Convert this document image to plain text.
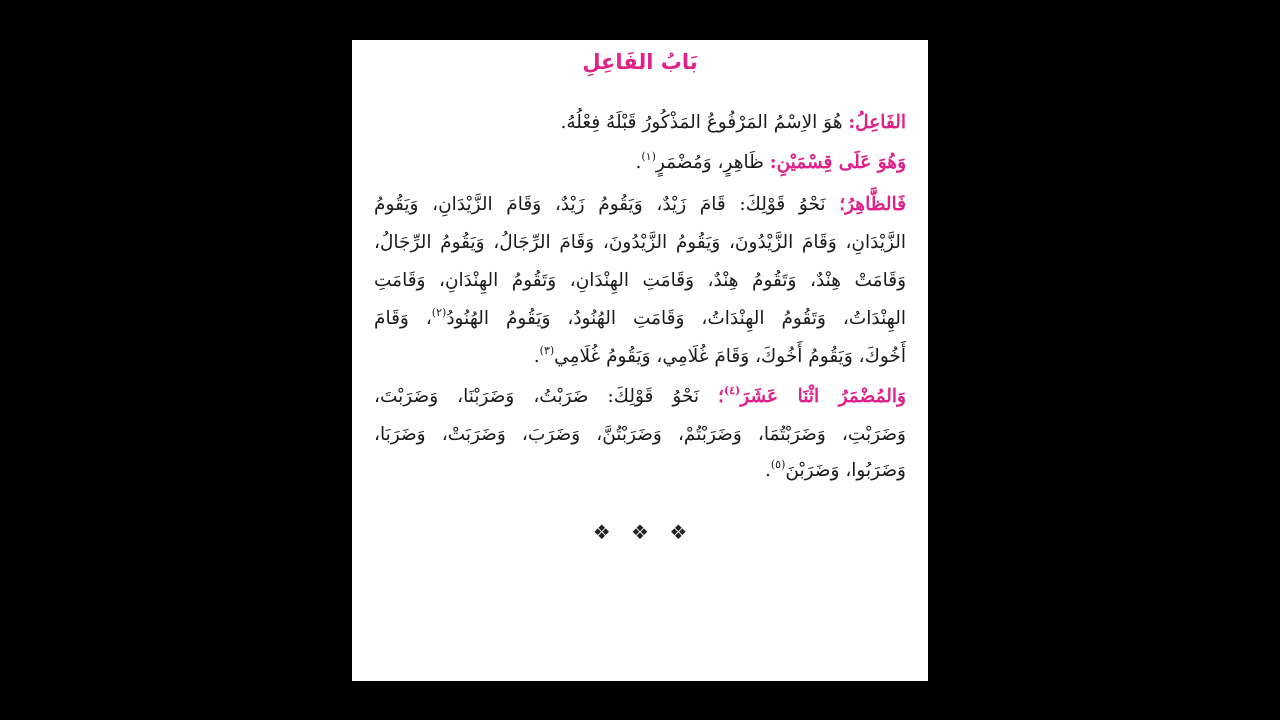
بَابُ الفَاعِلِ
الفَاعِلُ: هُوَ الاِسْمُ المَرْفُوعُ المَذْكُورُ قَبْلَهُ فِعْلُهُ.
وَهُوَ عَلَى قِسْمَيْنِ: ظَاهِرٍ، وَمُضْمَرٍ$^{(١)}$.
فَالظَّاهِرُ؛ نَحْوُ قَوْلِكَ: قَامَ زَيْدٌ، وَيَقُومُ زَيْدٌ، وَقَامَ الزَّيْدَانِ، وَيَقُومُ
الزَّيْدَانِ، وَقَامَ الزَّيْدُونَ، وَيَقُومُ الزَّيْدُونَ، وَقَامَ الرِّجَالُ، وَيَقُومُ الرِّجَالُ،
وَقَامَتْ هِنْدٌ، وَتَقُومُ هِنْدٌ، وَقَامَتِ الهِنْدَانِ، وَتَقُومُ الهِنْدَانِ، وَقَامَتِ
الهِنْدَاتُ، وَتَقُومُ الهِنْدَاتُ، وَقَامَتِ الهُنُودُ، وَيَقُومُ الهُنُودُ$^{(٢)}$، وَقَامَ
أَخُوكَ، وَيَقُومُ أَخُوكَ، وَقَامَ غُلَامِي، وَيَقُومُ غُلَامِي$^{(٣)}$.
وَالمُضْمَرُ اثْنَا عَشَرَ$^{(٤)}$؛ نَحْوُ قَوْلِكَ: ضَرَبْتُ، وَضَرَبْنَا، وَضَرَبْتَ،
وَضَرَبْتِ، وَضَرَبْتُمَا، وَضَرَبْتُمْ، وَضَرَبْتُنَّ، وَضَرَبَ، وَضَرَبَتْ، وَضَرَبَا،
وَضَرَبُوا، وَضَرَبْنَ$^{(٥)}$.
❖ ❖ ❖
